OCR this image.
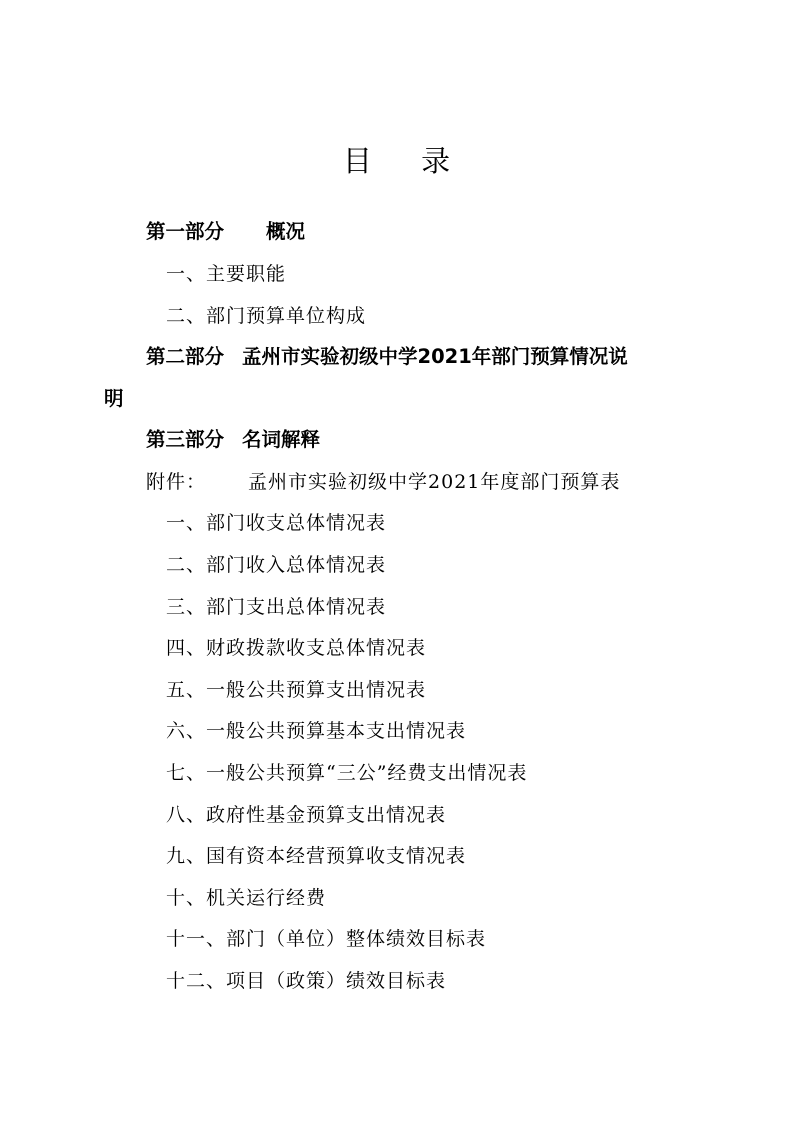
目 录
第一部分 概况
一、主要职能
二、部门预算单位构成
第二部分 孟州市实验初级中学2021年部门预算情况说
明
第三部分 名词解释
附件： 孟州市实验初级中学2021年度部门预算表
一、部门收支总体情况表
二、部门收入总体情况表
三、部门支出总体情况表
四、财政拨款收支总体情况表
五、一般公共预算支出情况表
六、一般公共预算基本支出情况表
七、一般公共预算“三公”经费支出情况表
八、政府性基金预算支出情况表
九、国有资本经营预算收支情况表
十、机关运行经费
十一、部门（单位）整体绩效目标表
十二、项目（政策）绩效目标表
